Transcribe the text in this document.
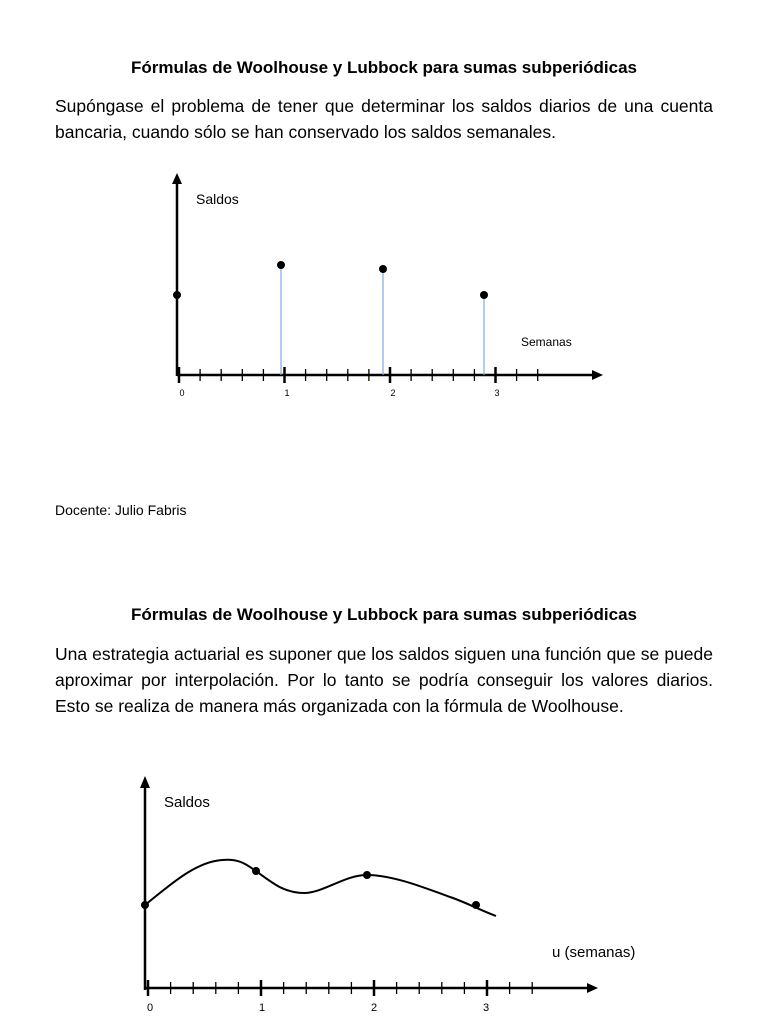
Fórmulas de Woolhouse y Lubbock para sumas subperiódicas
Supóngase el problema de tener que determinar los saldos diarios de una cuenta bancaria, cuando sólo se han conservado los saldos semanales.
Saldos
Semanas
0	1	2	3
Docente: Julio Fabris
Fórmulas de Woolhouse y Lubbock para sumas subperiódicas
Una estrategia actuarial es suponer que los saldos siguen una función que se puede aproximar por interpolación. Por lo tanto se podría conseguir los valores diarios. Esto se realiza de manera más organizada con la fórmula de Woolhouse.
Saldos
u (semanas)
0	1	2	3
